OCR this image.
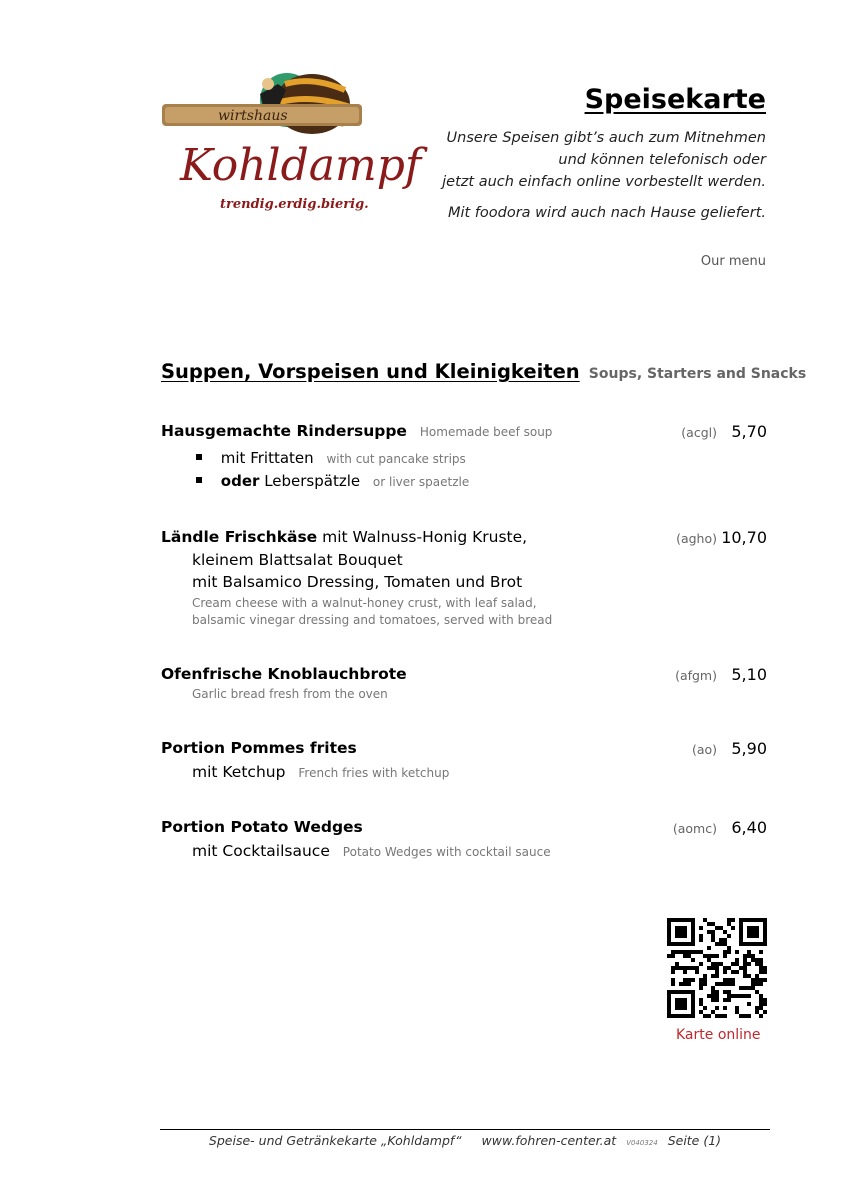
wirtshaus
Kohldampf
trendig.erdig.bierig.
Speisekarte
Unsere Speisen gibt’s auch zum Mitnehmen
und können telefonisch oder
jetzt auch einfach online vorbestellt werden.
Mit foodora wird auch nach Hause geliefert.
Our menu
Suppen, Vorspeisen und Kleinigkeiten Soups, Starters and Snacks
Hausgemachte Rindersuppe Homemade beef soup	(acgl) 5,70
mit Frittaten with cut pancake strips
oder Leberspätzle or liver spaetzle
Ländle Frischkäse mit Walnuss-Honig Kruste,	(agho) 10,70
kleinem Blattsalat Bouquet
mit Balsamico Dressing, Tomaten und Brot
Cream cheese with a walnut-honey crust, with leaf salad,
balsamic vinegar dressing and tomatoes, served with bread
Ofenfrische Knoblauchbrote	(afgm) 5,10
Garlic bread fresh from the oven
Portion Pommes frites	(ao) 5,90
mit Ketchup French fries with ketchup
Portion Potato Wedges	(aomc) 6,40
mit Cocktailsauce Potato Wedges with cocktail sauce
Karte online
Speise- und Getränkekarte „Kohldampf“ www.fohren-center.at V040324 Seite (1)
